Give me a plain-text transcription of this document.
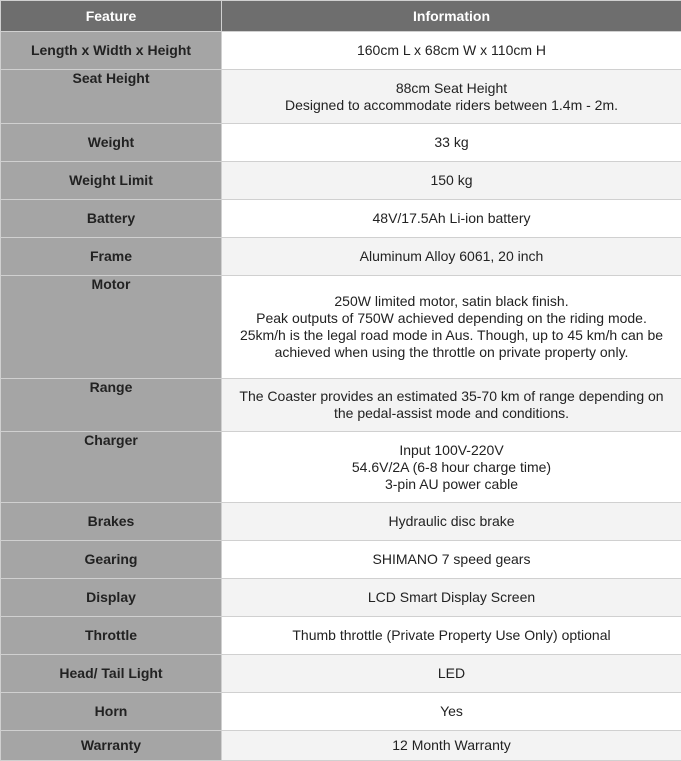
Feature	Information
Length x Width x Height	160cm L x 68cm W x 110cm H
Seat Height	88cm Seat Height
Designed to accommodate riders between 1.4m - 2m.
Weight	33 kg
Weight Limit	150 kg
Battery	48V/17.5Ah Li-ion battery
Frame	Aluminum Alloy 6061, 20 inch
Motor	250W limited motor, satin black finish.
Peak outputs of 750W achieved depending on the riding mode.
25km/h is the legal road mode in Aus. Though, up to 45 km/h can be achieved when using the throttle on private property only.
Range	The Coaster provides an estimated 35-70 km of range depending on the pedal-assist mode and conditions.
Charger	Input 100V-220V
54.6V/2A (6-8 hour charge time)
3-pin AU power cable
Brakes	Hydraulic disc brake
Gearing	SHIMANO 7 speed gears
Display	LCD Smart Display Screen
Throttle	Thumb throttle (Private Property Use Only) optional
Head/ Tail Light	LED
Horn	Yes
Warranty	12 Month Warranty
